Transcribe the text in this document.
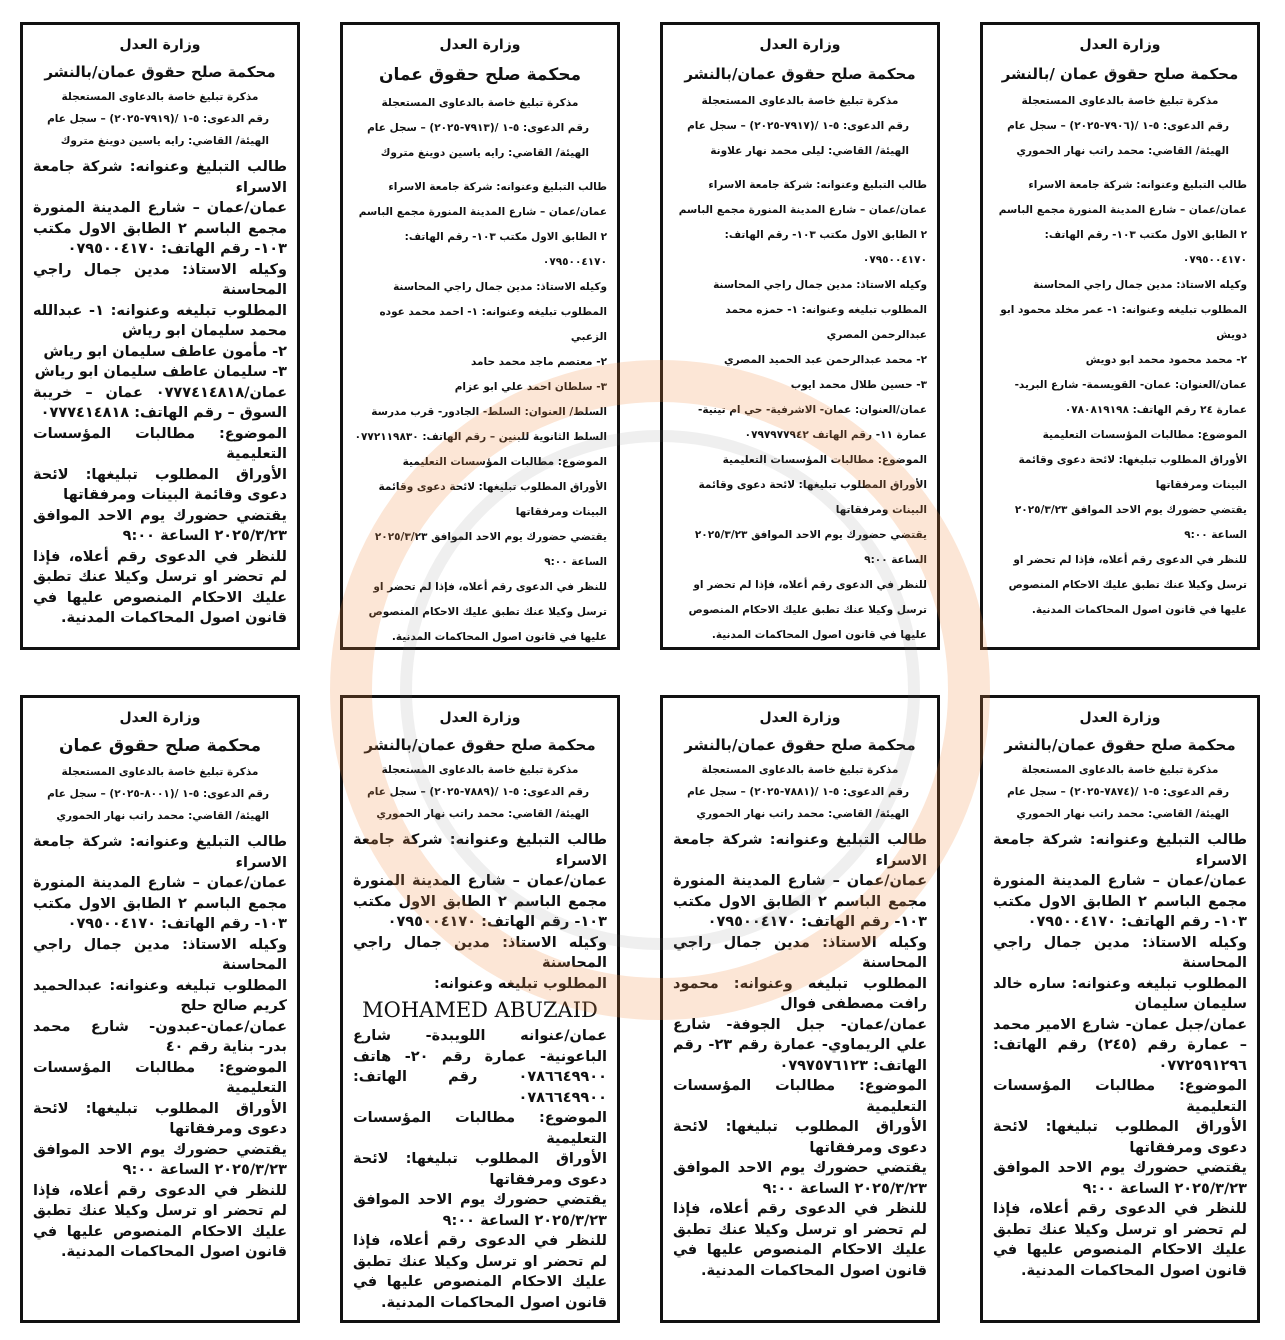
وزارة العدل
محكمة صلح حقوق عمان /بالنشر
مذكرة تبليغ خاصة بالدعاوى المستعجلة
رقم الدعوى: ٥-١ /(٧٩٠٦-٢٠٢٥) – سجل عام
الهيئة/ القاضي: محمد راتب نهار الحموري

طالب التبليغ وعنوانه: شركة جامعة الاسراء

عمان/عمان – شارع المدينة المنورة مجمع الباسم ٢ الطابق الاول مكتب ١٠٣- رقم الهاتف: ٠٧٩٥٠٠٤١٧٠

وكيله الاستاذ: مدين جمال راجي المحاسنة

المطلوب تبليغه وعنوانه: ١- عمر مخلد محمود ابو دويش

٢- محمد محمود محمد ابو دويش

عمان/العنوان: عمان- القويسمة- شارع البريد- عمارة ٢٤ رقم الهاتف: ٠٧٨٠٨١٩١٩٨

الموضوع: مطالبات المؤسسات التعليمية

الأوراق المطلوب تبليغها: لائحة دعوى وقائمة البينات ومرفقاتها

يقتضي حضورك يوم الاحد الموافق ٢٠٢٥/٣/٢٣ الساعة ٩:٠٠

للنظر في الدعوى رقم أعلاه، فإذا لم تحضر او ترسل وكيلا عنك تطبق عليك الاحكام المنصوص عليها في قانون اصول المحاكمات المدنية.

وزارة العدل
محكمة صلح حقوق عمان/بالنشر
مذكرة تبليغ خاصة بالدعاوى المستعجلة
رقم الدعوى: ٥-١ /(٧٩١٧-٢٠٢٥) – سجل عام
الهيئة/ القاضي: ليلى محمد نهار علاونة

طالب التبليغ وعنوانه: شركة جامعة الاسراء

عمان/عمان – شارع المدينة المنورة مجمع الباسم ٢ الطابق الاول مكتب ١٠٣- رقم الهاتف: ٠٧٩٥٠٠٤١٧٠

وكيله الاستاذ: مدين جمال راجي المحاسنة

المطلوب تبليغه وعنوانه: ١- حمزه محمد عبدالرحمن المصري

٢- محمد عبدالرحمن عبد الحميد المصري

٣- حسين طلال محمد ايوب

عمان/العنوان: عمان- الاشرفية- حي ام تينية- عمارة ١١- رقم الهاتف ٠٧٩٧٩٧٧٩٤٢

الموضوع: مطالبات المؤسسات التعليمية

الأوراق المطلوب تبليغها: لائحة دعوى وقائمة البينات ومرفقاتها

يقتضي حضورك يوم الاحد الموافق ٢٠٢٥/٣/٢٣ الساعة ٩:٠٠

للنظر في الدعوى رقم أعلاه، فإذا لم تحضر او ترسل وكيلا عنك تطبق عليك الاحكام المنصوص عليها في قانون اصول المحاكمات المدنية.

وزارة العدل
محكمة صلح حقوق عمان
مذكرة تبليغ خاصة بالدعاوى المستعجلة
رقم الدعوى: ٥-١ /(٧٩١٣-٢٠٢٥) – سجل عام
الهيئة/ القاضي: رايه ياسين دوينغ متروك

طالب التبليغ وعنوانه: شركة جامعة الاسراء

عمان/عمان – شارع المدينة المنورة مجمع الباسم ٢ الطابق الاول مكتب ١٠٣- رقم الهاتف: ٠٧٩٥٠٠٤١٧٠

وكيله الاستاذ: مدين جمال راجي المحاسنة

المطلوب تبليغه وعنوانه: ١- احمد محمد عوده الزعبي

٢- معتصم ماجد محمد حامد

٣- سلطان احمد علي ابو عزام

السلط/ العنوان: السلط- الجادور- قرب مدرسة السلط الثانوية للبنين – رقم الهاتف: ٠٧٧٢١١٩٨٣٠

الموضوع: مطالبات المؤسسات التعليمية

الأوراق المطلوب تبليغها: لائحة دعوى وقائمة البينات ومرفقاتها

يقتضي حضورك يوم الاحد الموافق ٢٠٢٥/٣/٢٣ الساعة ٩:٠٠

للنظر في الدعوى رقم أعلاه، فإذا لم تحضر او ترسل وكيلا عنك تطبق عليك الاحكام المنصوص عليها في قانون اصول المحاكمات المدنية.

وزارة العدل
محكمة صلح حقوق عمان/بالنشر
مذكرة تبليغ خاصة بالدعاوى المستعجلة
رقم الدعوى: ٥-١ /(٧٩١٩-٢٠٢٥) – سجل عام
الهيئة/ القاضي: رايه ياسين دوينغ متروك

طالب التبليغ وعنوانه: شركة جامعة الاسراء

عمان/عمان – شارع المدينة المنورة مجمع الباسم ٢ الطابق الاول مكتب ١٠٣- رقم الهاتف: ٠٧٩٥٠٠٤١٧٠

وكيله الاستاذ: مدين جمال راجي المحاسنة

المطلوب تبليغه وعنوانه: ١- عبدالله محمد سليمان ابو رياش

٢- مأمون عاطف سليمان ابو رياش

٣- سليمان عاطف سليمان ابو رياش

عمان/٠٧٧٧٤١٤٨١٨ عمان – خريبة السوق – رقم الهاتف: ٠٧٧٧٤١٤٨١٨

الموضوع: مطالبات المؤسسات التعليمية

الأوراق المطلوب تبليغها: لائحة دعوى وقائمة البينات ومرفقاتها

يقتضي حضورك يوم الاحد الموافق ٢٠٢٥/٣/٢٣ الساعة ٩:٠٠

للنظر في الدعوى رقم أعلاه، فإذا لم تحضر او ترسل وكيلا عنك تطبق عليك الاحكام المنصوص عليها في قانون اصول المحاكمات المدنية.

وزارة العدل
محكمة صلح حقوق عمان/بالنشر
مذكرة تبليغ خاصة بالدعاوى المستعجلة
رقم الدعوى: ٥-١ /(٧٨٧٤-٢٠٢٥) – سجل عام
الهيئة/ القاضي: محمد راتب نهار الحموري

طالب التبليغ وعنوانه: شركة جامعة الاسراء

عمان/عمان – شارع المدينة المنورة مجمع الباسم ٢ الطابق الاول مكتب ١٠٣- رقم الهاتف: ٠٧٩٥٠٠٤١٧٠

وكيله الاستاذ: مدين جمال راجي المحاسنة

المطلوب تبليغه وعنوانه: ساره خالد سليمان سليمان

عمان/جبل عمان- شارع الامير محمد – عمارة رقم (٢٤٥) رقم الهاتف: ٠٧٧٢٥٩١٢٩٦

الموضوع: مطالبات المؤسسات التعليمية

الأوراق المطلوب تبليغها: لائحة دعوى ومرفقاتها

يقتضي حضورك يوم الاحد الموافق ٢٠٢٥/٣/٢٣ الساعة ٩:٠٠

للنظر في الدعوى رقم أعلاه، فإذا لم تحضر او ترسل وكيلا عنك تطبق عليك الاحكام المنصوص عليها في قانون اصول المحاكمات المدنية.

وزارة العدل
محكمة صلح حقوق عمان/بالنشر
مذكرة تبليغ خاصة بالدعاوى المستعجلة
رقم الدعوى: ٥-١ /(٧٨٨١-٢٠٢٥) – سجل عام
الهيئة/ القاضي: محمد راتب نهار الحموري

طالب التبليغ وعنوانه: شركة جامعة الاسراء

عمان/عمان – شارع المدينة المنورة مجمع الباسم ٢ الطابق الاول مكتب ١٠٣- رقم الهاتف: ٠٧٩٥٠٠٤١٧٠

وكيله الاستاذ: مدين جمال راجي المحاسنة

المطلوب تبليغه وعنوانه: محمود رافت مصطفى فوال

عمان/عمان- جبل الجوفة- شارع علي الريماوي- عمارة رقم ٢٣- رقم الهاتف: ٠٧٩٧٥٧٦١٢٣

الموضوع: مطالبات المؤسسات التعليمية

الأوراق المطلوب تبليغها: لائحة دعوى ومرفقاتها

يقتضي حضورك يوم الاحد الموافق ٢٠٢٥/٣/٢٣ الساعة ٩:٠٠

للنظر في الدعوى رقم أعلاه، فإذا لم تحضر او ترسل وكيلا عنك تطبق عليك الاحكام المنصوص عليها في قانون اصول المحاكمات المدنية.

وزارة العدل
محكمة صلح حقوق عمان/بالنشر
مذكرة تبليغ خاصة بالدعاوى المستعجلة
رقم الدعوى: ٥-١ /(٧٨٨٩-٢٠٢٥) – سجل عام
الهيئة/ القاضي: محمد راتب نهار الحموري

طالب التبليغ وعنوانه: شركة جامعة الاسراء

عمان/عمان – شارع المدينة المنورة مجمع الباسم ٢ الطابق الاول مكتب ١٠٣- رقم الهاتف: ٠٧٩٥٠٠٤١٧٠

وكيله الاستاذ: مدين جمال راجي المحاسنة

المطلوب تبليغه وعنوانه:

MOHAMED ABUZAID

عمان/عنوانه اللويبدة- شارع الباعونية- عمارة رقم ٢٠- هاتف ٠٧٨٦٦٤٩٩٠٠ رقم الهاتف: ٠٧٨٦٦٤٩٩٠٠

الموضوع: مطالبات المؤسسات التعليمية

الأوراق المطلوب تبليغها: لائحة دعوى ومرفقاتها

يقتضي حضورك يوم الاحد الموافق ٢٠٢٥/٣/٢٣ الساعة ٩:٠٠

للنظر في الدعوى رقم أعلاه، فإذا لم تحضر او ترسل وكيلا عنك تطبق عليك الاحكام المنصوص عليها في قانون اصول المحاكمات المدنية.

وزارة العدل
محكمة صلح حقوق عمان
مذكرة تبليغ خاصة بالدعاوى المستعجلة
رقم الدعوى: ٥-١ /(٨٠٠١-٢٠٢٥) – سجل عام
الهيئة/ القاضي: محمد راتب نهار الحموري

طالب التبليغ وعنوانه: شركة جامعة الاسراء

عمان/عمان – شارع المدينة المنورة مجمع الباسم ٢ الطابق الاول مكتب ١٠٣- رقم الهاتف: ٠٧٩٥٠٠٤١٧٠

وكيله الاستاذ: مدين جمال راجي المحاسنة

المطلوب تبليغه وعنوانه: عبدالحميد كريم صالح حلح

عمان/عمان-عبدون- شارع محمد بدر- بناية رقم ٤٠

الموضوع: مطالبات المؤسسات التعليمية

الأوراق المطلوب تبليغها: لائحة دعوى ومرفقاتها

يقتضي حضورك يوم الاحد الموافق ٢٠٢٥/٣/٢٣ الساعة ٩:٠٠

للنظر في الدعوى رقم أعلاه، فإذا لم تحضر او ترسل وكيلا عنك تطبق عليك الاحكام المنصوص عليها في قانون اصول المحاكمات المدنية.
